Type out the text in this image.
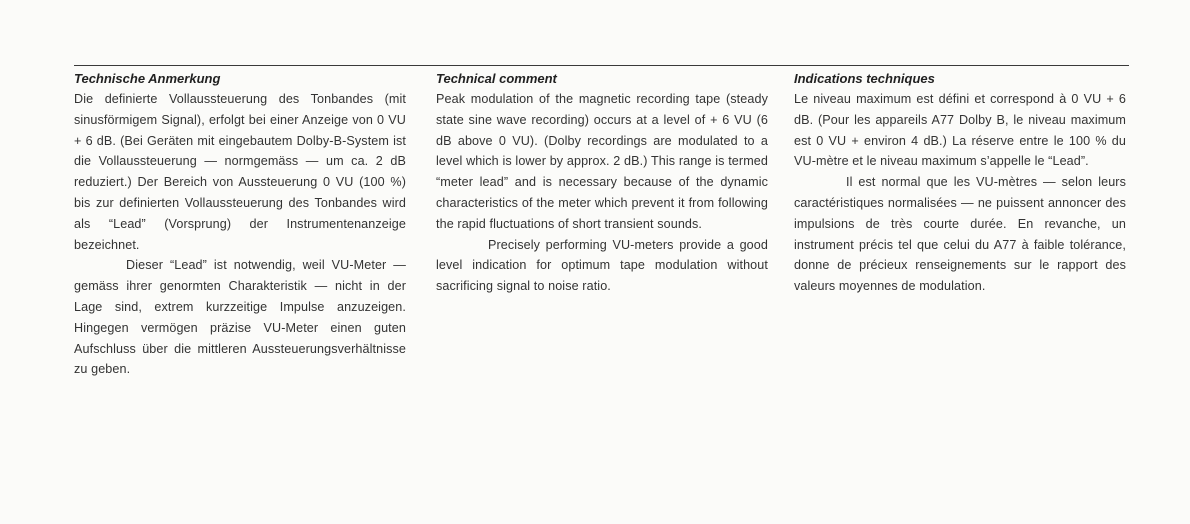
Technische Anmerkung

Die definierte Vollaussteuerung des Tonbandes (mit sinusförmigem Signal), erfolgt bei einer Anzeige von 0 VU + 6 dB. (Bei Geräten mit eingebautem Dolby-B-System ist die Vollaussteuerung — normgemäss — um ca. 2 dB reduziert.) Der Bereich von Aussteuerung 0 VU (100 %) bis zur definierten Vollaussteuerung des Tonbandes wird als “Lead” (Vorsprung) der Instrumentenanzeige bezeichnet.

Dieser “Lead” ist notwendig, weil VU-Meter — gemäss ihrer genormten Charakteristik — nicht in der Lage sind, extrem kurzzeitige Impulse anzuzeigen. Hingegen vermögen präzise VU-Meter einen guten Aufschluss über die mittleren Aussteuerungsverhältnisse zu geben.

Technical comment

Peak modulation of the magnetic recording tape (steady state sine wave recording) occurs at a level of + 6 VU (6 dB above 0 VU). (Dolby recordings are modulated to a level which is lower by approx. 2 dB.) This range is termed “meter lead” and is necessary because of the dynamic characteristics of the meter which prevent it from following the rapid fluctuations of short transient sounds.

Precisely performing VU-meters provide a good level indication for optimum tape modulation without sacrificing signal to noise ratio.

Indications techniques

Le niveau maximum est défini et correspond à 0 VU + 6 dB. (Pour les appareils A77 Dolby B, le niveau maximum est 0 VU + environ 4 dB.) La réserve entre le 100 % du VU-mètre et le niveau maximum s’appelle le “Lead”.

Il est normal que les VU-mètres — selon leurs caractéristiques normalisées — ne puissent annoncer des impulsions de très courte durée. En revanche, un instrument précis tel que celui du A77 à faible tolérance, donne de précieux renseignements sur le rapport des valeurs moyennes de modulation.
